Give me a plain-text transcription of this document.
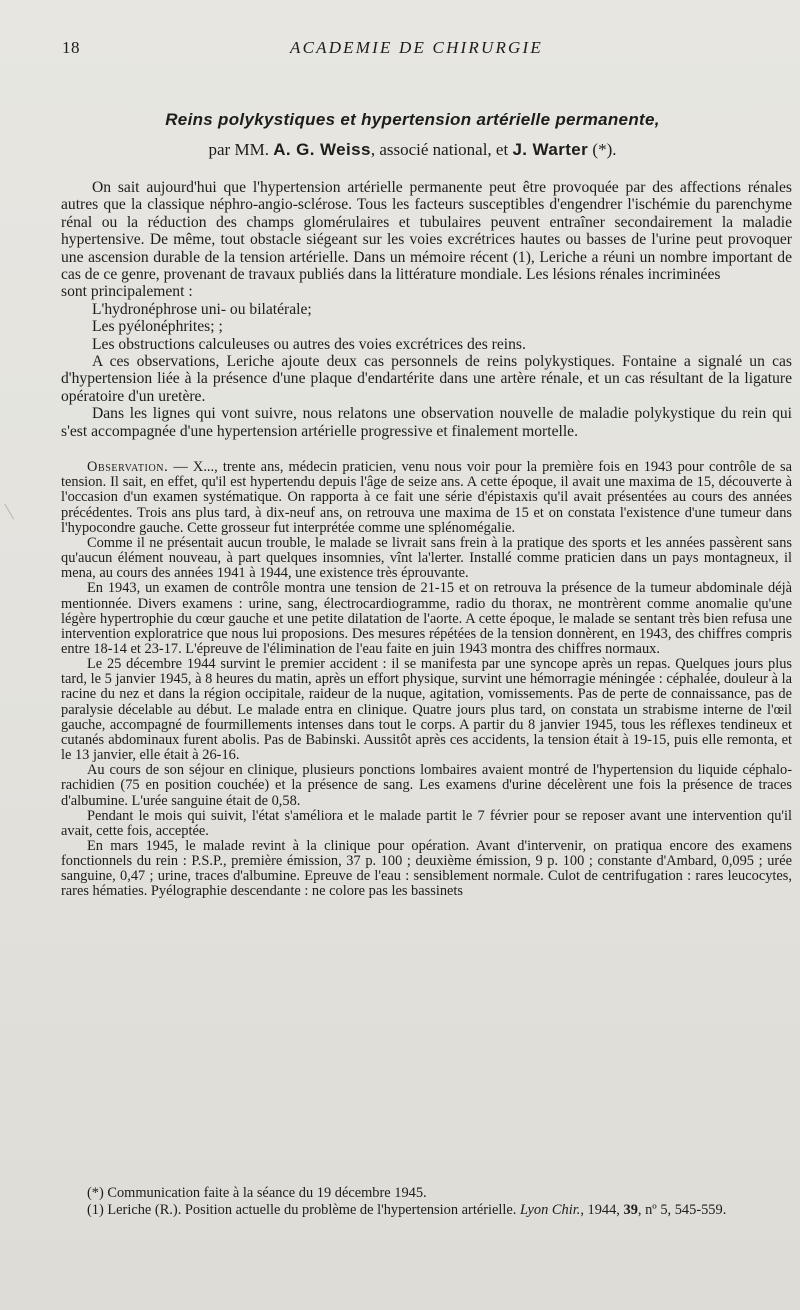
18	ACADEMIE DE CHIRURGIE
Reins polykystiques et hypertension artérielle permanente,
par MM. A. G. Weiss, associé national, et J. Warter (*).

On sait aujourd'hui que l'hypertension artérielle permanente peut être provoquée par des affections rénales autres que la classique néphro-angio-sclérose. Tous les facteurs susceptibles d'engendrer l'ischémie du parenchyme rénal ou la réduction des champs glomérulaires et tubulaires peuvent entraîner secondairement la maladie hypertensive. De même, tout obstacle siégeant sur les voies excrétrices hautes ou basses de l'urine peut provoquer une ascension durable de la tension artérielle. Dans un mémoire récent (1), Leriche a réuni un nombre important de cas de ce genre, provenant de travaux publiés dans la littérature mondiale. Les lésions rénales incriminées

sont principalement :

L'hydronéphrose uni- ou bilatérale;

Les pyélonéphrites; ;

Les obstructions calculeuses ou autres des voies excrétrices des reins.

A ces observations, Leriche ajoute deux cas personnels de reins polykystiques. Fontaine a signalé un cas d'hypertension liée à la présence d'une plaque d'endartérite dans une artère rénale, et un cas résultant de la ligature opératoire d'un uretère.

Dans les lignes qui vont suivre, nous relatons une observation nouvelle de maladie polykystique du rein qui s'est accompagnée d'une hypertension artérielle progressive et finalement mortelle.

Observation. — X..., trente ans, médecin praticien, venu nous voir pour la première fois en 1943 pour contrôle de sa tension. Il sait, en effet, qu'il est hypertendu depuis l'âge de seize ans. A cette époque, il avait une maxima de 15, découverte à l'occasion d'un examen systématique. On rapporta à ce fait une série d'épistaxis qu'il avait présentées au cours des années précédentes. Trois ans plus tard, à dix-neuf ans, on retrouva une maxima de 15 et on constata l'existence d'une tumeur dans l'hypocondre gauche. Cette grosseur fut interprétée comme une splénomégalie.

Comme il ne présentait aucun trouble, le malade se livrait sans frein à la pratique des sports et les années passèrent sans qu'aucun élément nouveau, à part quelques insomnies, vînt la'lerter. Installé comme praticien dans un pays montagneux, il mena, au cours des années 1941 à 1944, une existence très éprouvante.

En 1943, un examen de contrôle montra une tension de 21-15 et on retrouva la présence de la tumeur abdominale déjà mentionnée. Divers examens : urine, sang, électrocardiogramme, radio du thorax, ne montrèrent comme anomalie qu'une légère hypertrophie du cœur gauche et une petite dilatation de l'aorte. A cette époque, le malade se sentant très bien refusa une intervention exploratrice que nous lui proposions. Des mesures répétées de la tension donnèrent, en 1943, des chiffres compris entre 18-14 et 23-17. L'épreuve de l'élimination de l'eau faite en juin 1943 montra des chiffres normaux.

Le 25 décembre 1944 survint le premier accident : il se manifesta par une syncope après un repas. Quelques jours plus tard, le 5 janvier 1945, à 8 heures du matin, après un effort physique, survint une hémorragie méningée : céphalée, douleur à la racine du nez et dans la région occipitale, raideur de la nuque, agitation, vomissements. Pas de perte de connaissance, pas de paralysie décelable au début. Le malade entra en clinique. Quatre jours plus tard, on constata un strabisme interne de l'œil gauche, accompagné de fourmillements intenses dans tout le corps. A partir du 8 janvier 1945, tous les réflexes tendineux et cutanés abdominaux furent abolis. Pas de Babinski. Aussitôt après ces accidents, la tension était à 19-15, puis elle remonta, et le 13 janvier, elle était à 26-16.

Au cours de son séjour en clinique, plusieurs ponctions lombaires avaient montré de l'hypertension du liquide céphalo-rachidien (75 en position couchée) et la présence de sang. Les examens d'urine décelèrent une fois la présence de traces d'albumine. L'urée sanguine était de 0,58.

Pendant le mois qui suivit, l'état s'améliora et le malade partit le 7 février pour se reposer avant une intervention qu'il avait, cette fois, acceptée.

En mars 1945, le malade revint à la clinique pour opération. Avant d'intervenir, on pratiqua encore des examens fonctionnels du rein : P.S.P., première émission, 37 p. 100 ; deuxième émission, 9 p. 100 ; constante d'Ambard, 0,095 ; urée sanguine, 0,47 ; urine, traces d'albumine. Epreuve de l'eau : sensiblement normale. Culot de centrifugation : rares leucocytes, rares hématies. Pyélographie descendante : ne colore pas les bassinets

(*) Communication faite à la séance du 19 décembre 1945.

(1) Leriche (R.). Position actuelle du problème de l'hypertension artérielle. Lyon Chir., 1944, 39, nº 5, 545-559.
